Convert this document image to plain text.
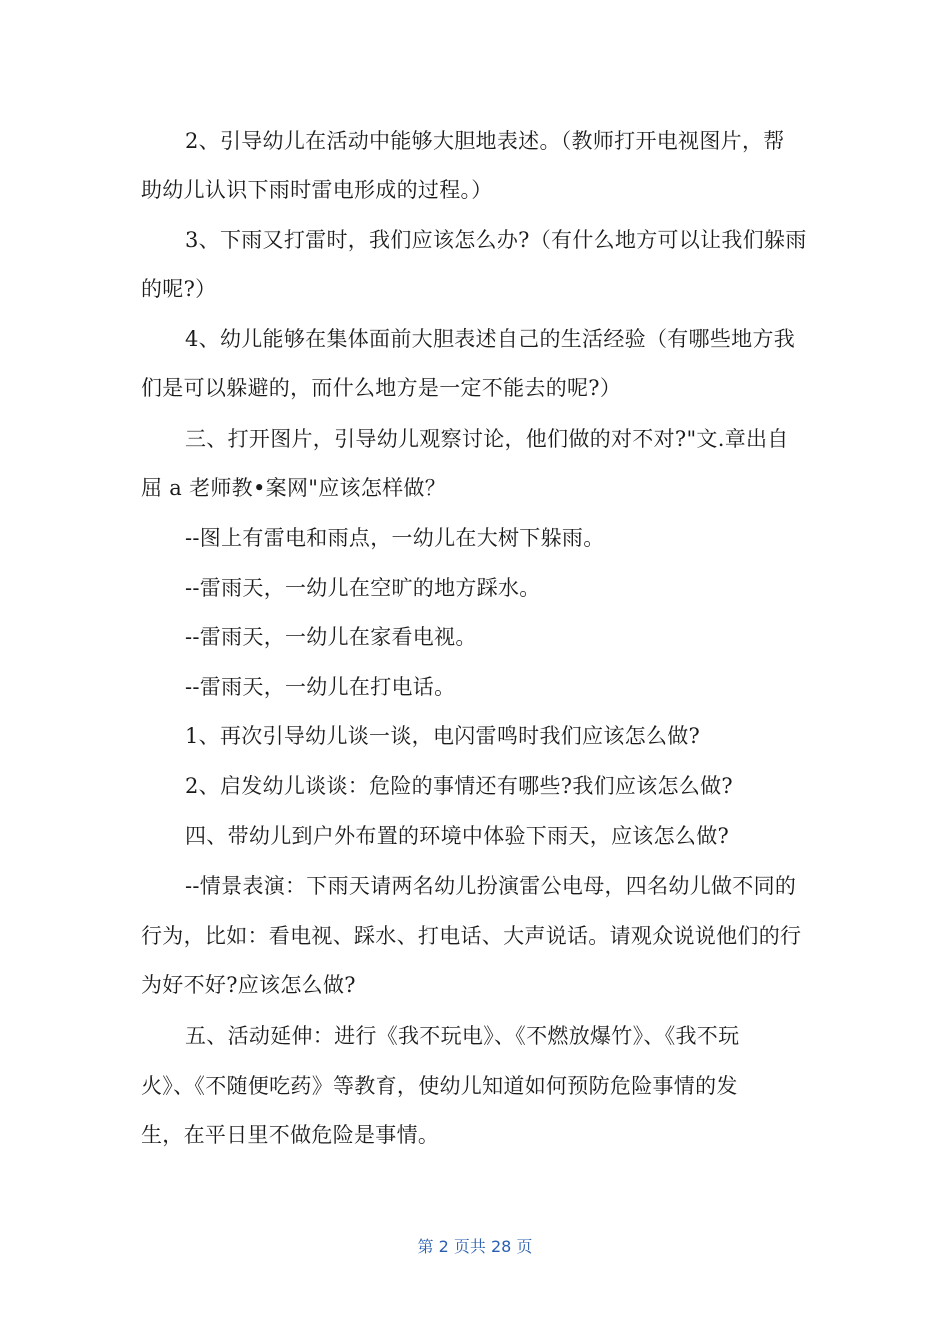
2、引导幼儿在活动中能够大胆地表述。（教师打开电视图片，帮
助幼儿认识下雨时雷电形成的过程。）
3、下雨又打雷时，我们应该怎么办?（有什么地方可以让我们躲雨
的呢?）
4、幼儿能够在集体面前大胆表述自己的生活经验（有哪些地方我
们是可以躲避的，而什么地方是一定不能去的呢?）
三、打开图片，引导幼儿观察讨论，他们做的对不对?"文.章出自
屈 a 老师教•案网"应该怎样做？
--图上有雷电和雨点，一幼儿在大树下躲雨。
--雷雨天，一幼儿在空旷的地方踩水。
--雷雨天，一幼儿在家看电视。
--雷雨天，一幼儿在打电话。
1、再次引导幼儿谈一谈，电闪雷鸣时我们应该怎么做?
2、启发幼儿谈谈：危险的事情还有哪些?我们应该怎么做?
四、带幼儿到户外布置的环境中体验下雨天，应该怎么做?
--情景表演：下雨天请两名幼儿扮演雷公电母，四名幼儿做不同的
行为，比如：看电视、踩水、打电话、大声说话。请观众说说他们的行
为好不好?应该怎么做?
五、活动延伸：进行《我不玩电》、《不燃放爆竹》、《我不玩
火》、《不随便吃药》等教育，使幼儿知道如何预防危险事情的发
生，在平日里不做危险是事情。
第 2 页共 28 页
